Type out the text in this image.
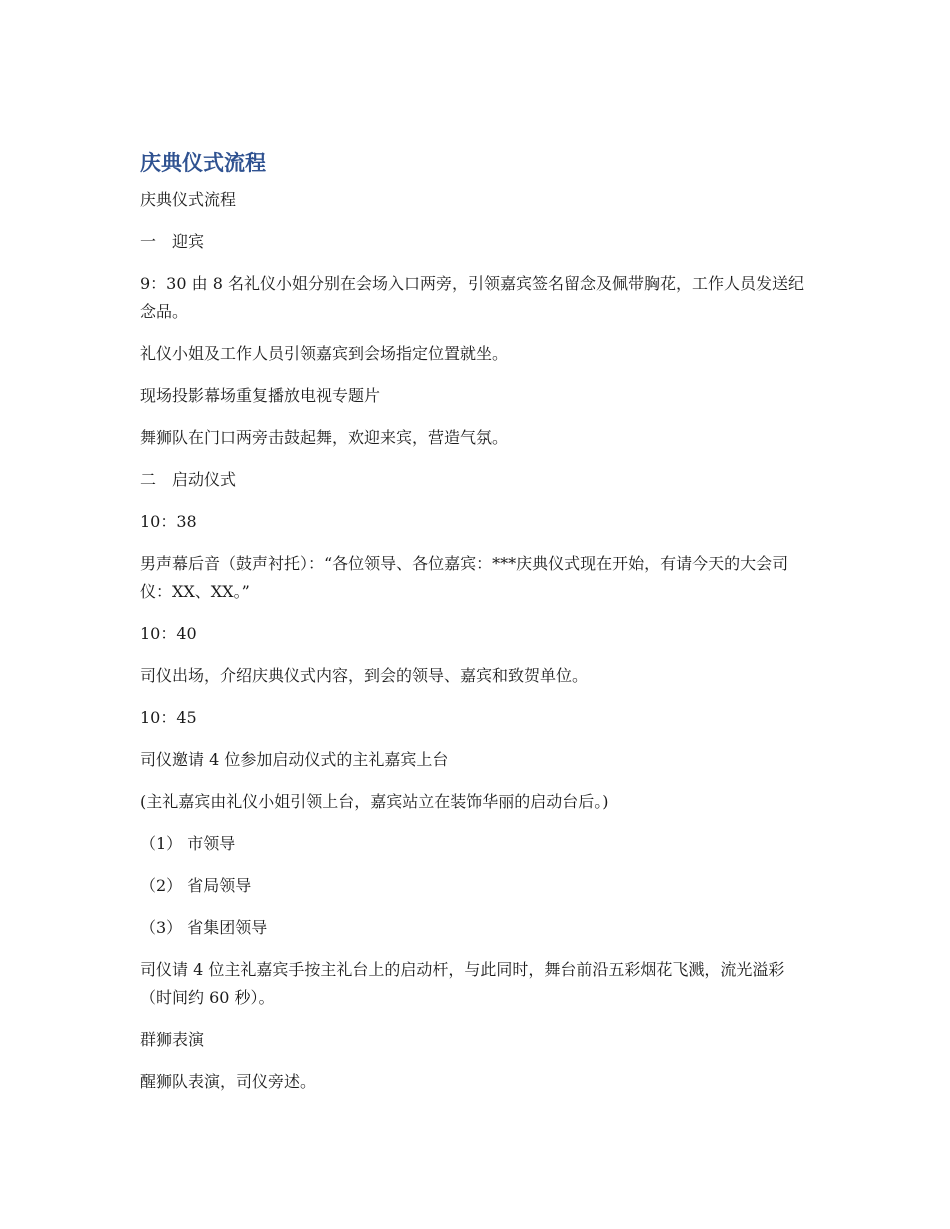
庆典仪式流程

庆典仪式流程

一　迎宾

9：30 由 8 名礼仪小姐分别在会场入口两旁，引领嘉宾签名留念及佩带胸花，工作人员发送纪念品。

礼仪小姐及工作人员引领嘉宾到会场指定位置就坐。

现场投影幕场重复播放电视专题片

舞狮队在门口两旁击鼓起舞，欢迎来宾，营造气氛。

二　启动仪式

10：38

男声幕后音（鼓声衬托）：“各位领导、各位嘉宾：***庆典仪式现在开始，有请今天的大会司仪：XX、XX。”

10：40

司仪出场，介绍庆典仪式内容，到会的领导、嘉宾和致贺单位。

10：45

司仪邀请 4 位参加启动仪式的主礼嘉宾上台

(主礼嘉宾由礼仪小姐引领上台，嘉宾站立在装饰华丽的启动台后。)

（1） 市领导

（2） 省局领导

（3） 省集团领导

司仪请 4 位主礼嘉宾手按主礼台上的启动杆，与此同时，舞台前沿五彩烟花飞溅，流光溢彩（时间约 60 秒）。

群狮表演

醒狮队表演，司仪旁述。
